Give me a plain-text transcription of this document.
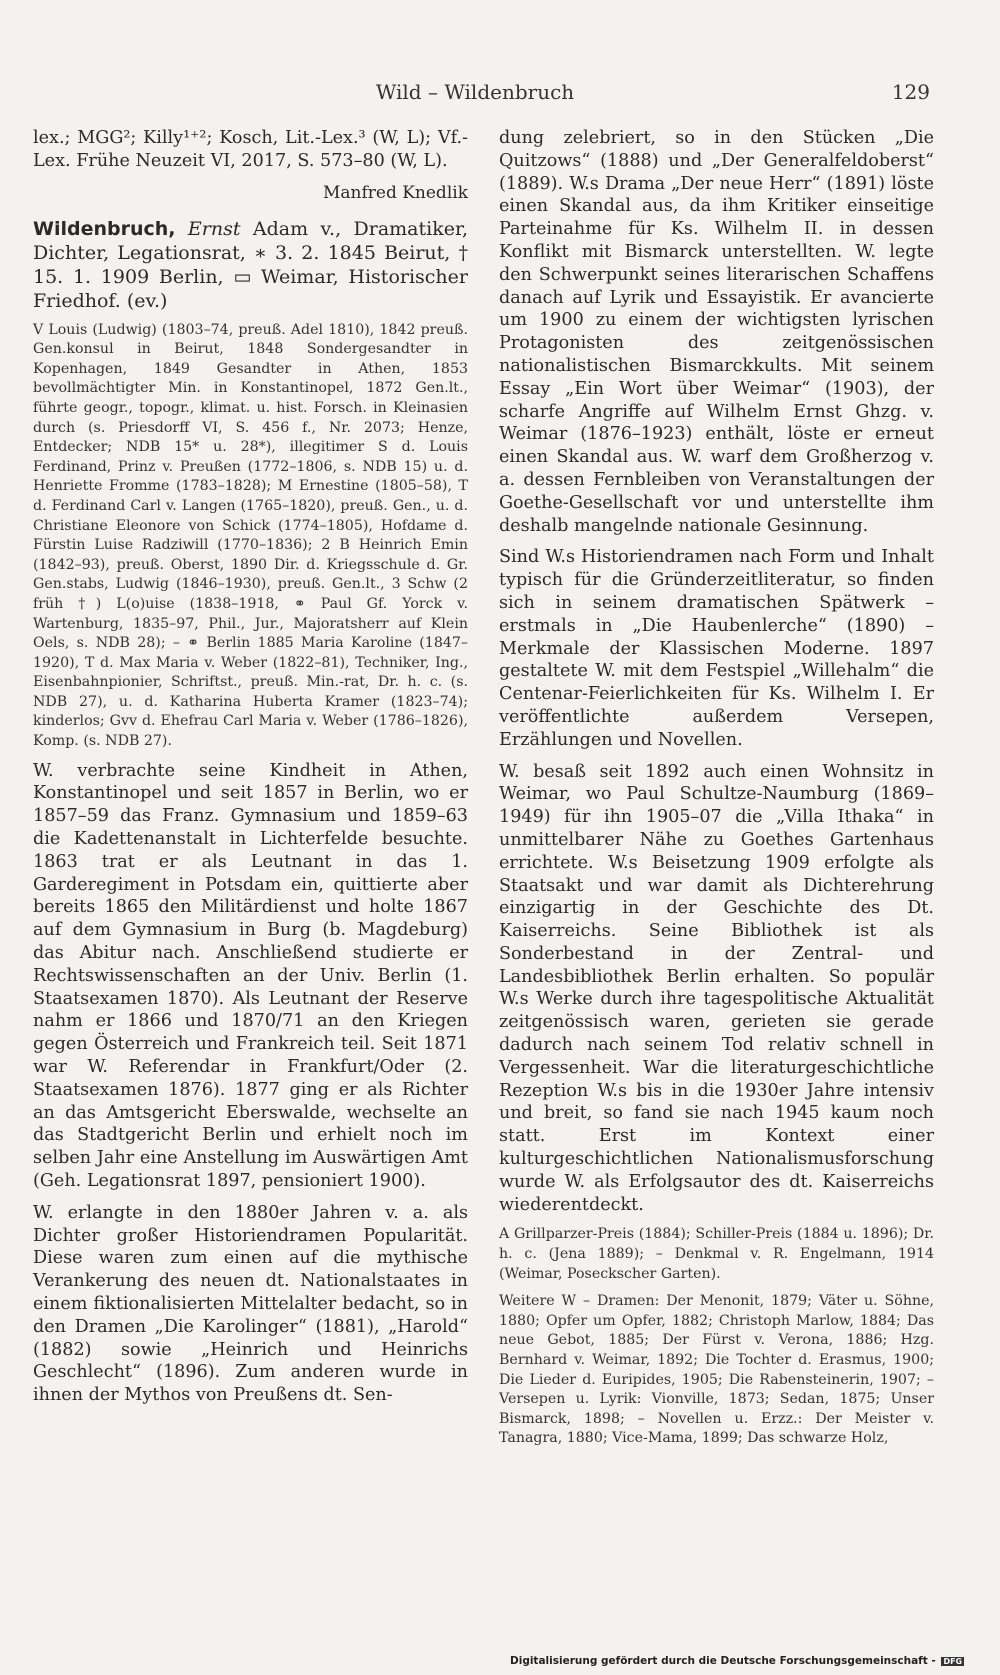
Wild – Wildenbruch	129

lex.; MGG²; Killy¹⁺²; Kosch, Lit.-Lex.³ (W, L); Vf.-Lex. Frühe Neuzeit VI, 2017, S. 573–80 (W, L).

Manfred Knedlik

Wildenbruch, Ernst Adam v., Dramatiker, Dichter, Legationsrat, ∗ 3. 2. 1845 Beirut, † 15. 1. 1909 Berlin, ▭ Weimar, Historischer Friedhof. (ev.)

V Louis (Ludwig) (1803–74, preuß. Adel 1810), 1842 preuß. Gen.konsul in Beirut, 1848 Sondergesandter in Kopenhagen, 1849 Gesandter in Athen, 1853 bevollmächtigter Min. in Konstantinopel, 1872 Gen.lt., führte geogr., topogr., klimat. u. hist. Forsch. in Kleinasien durch (s. Priesdorff VI, S. 456 f., Nr. 2073; Henze, Entdecker; NDB 15* u. 28*), illegitimer S d. Louis Ferdinand, Prinz v. Preußen (1772–1806, s. NDB 15) u. d. Henriette Fromme (1783–1828); M Ernestine (1805–58), T d. Ferdinand Carl v. Langen (1765–1820), preuß. Gen., u. d. Christiane Eleonore von Schick (1774–1805), Hofdame d. Fürstin Luise Radziwill (1770–1836); 2 B Heinrich Emin (1842–93), preuß. Oberst, 1890 Dir. d. Kriegsschule d. Gr. Gen.stabs, Ludwig (1846–1930), preuß. Gen.lt., 3 Schw (2 früh †) L(o)uise (1838–1918, ⚭ Paul Gf. Yorck v. Wartenburg, 1835–97, Phil., Jur., Majoratsherr auf Klein Oels, s. NDB 28); – ⚭ Berlin 1885 Maria Karoline (1847–1920), T d. Max Maria v. Weber (1822–81), Techniker, Ing., Eisenbahnpionier, Schriftst., preuß. Min.-rat, Dr. h. c. (s. NDB 27), u. d. Katharina Huberta Kramer (1823–74); kinderlos; Gvv d. Ehefrau Carl Maria v. Weber (1786–1826), Komp. (s. NDB 27).

W. verbrachte seine Kindheit in Athen, Konstantinopel und seit 1857 in Berlin, wo er 1857–59 das Franz. Gymnasium und 1859–63 die Kadettenanstalt in Lichterfelde besuchte. 1863 trat er als Leutnant in das 1. Garderegiment in Potsdam ein, quittierte aber bereits 1865 den Militärdienst und holte 1867 auf dem Gymnasium in Burg (b. Magdeburg) das Abitur nach. Anschließend studierte er Rechtswissenschaften an der Univ. Berlin (1. Staatsexamen 1870). Als Leutnant der Reserve nahm er 1866 und 1870/71 an den Kriegen gegen Österreich und Frankreich teil. Seit 1871 war W. Referendar in Frankfurt/Oder (2. Staatsexamen 1876). 1877 ging er als Richter an das Amtsgericht Eberswalde, wechselte an das Stadtgericht Berlin und erhielt noch im selben Jahr eine Anstellung im Auswärtigen Amt (Geh. Legationsrat 1897, pensioniert 1900).

W. erlangte in den 1880er Jahren v. a. als Dichter großer Historiendramen Popularität. Diese waren zum einen auf die mythische Verankerung des neuen dt. Nationalstaates in einem fiktionalisierten Mittelalter bedacht, so in den Dramen „Die Karolinger“ (1881), „Harold“ (1882) sowie „Heinrich und Heinrichs Geschlecht“ (1896). Zum anderen wurde in ihnen der Mythos von Preußens dt. Sen-

dung zelebriert, so in den Stücken „Die Quitzows“ (1888) und „Der Generalfeldoberst“ (1889). W.s Drama „Der neue Herr“ (1891) löste einen Skandal aus, da ihm Kritiker einseitige Parteinahme für Ks. Wilhelm II. in dessen Konflikt mit Bismarck unterstellten. W. legte den Schwerpunkt seines literarischen Schaffens danach auf Lyrik und Essayistik. Er avancierte um 1900 zu einem der wichtigsten lyrischen Protagonisten des zeitgenössischen nationalistischen Bismarckkults. Mit seinem Essay „Ein Wort über Weimar“ (1903), der scharfe Angriffe auf Wilhelm Ernst Ghzg. v. Weimar (1876–1923) enthält, löste er erneut einen Skandal aus. W. warf dem Großherzog v. a. dessen Fernbleiben von Veranstaltungen der Goethe-Gesellschaft vor und unterstellte ihm deshalb mangelnde nationale Gesinnung.

Sind W.s Historiendramen nach Form und Inhalt typisch für die Gründerzeitliteratur, so finden sich in seinem dramatischen Spätwerk – erstmals in „Die Haubenlerche“ (1890) – Merkmale der Klassischen Moderne. 1897 gestaltete W. mit dem Festspiel „Willehalm“ die Centenar-Feierlichkeiten für Ks. Wilhelm I. Er veröffentlichte außerdem Versepen, Erzählungen und Novellen.

W. besaß seit 1892 auch einen Wohnsitz in Weimar, wo Paul Schultze-Naumburg (1869–1949) für ihn 1905–07 die „Villa Ithaka“ in unmittelbarer Nähe zu Goethes Gartenhaus errichtete. W.s Beisetzung 1909 erfolgte als Staatsakt und war damit als Dichterehrung einzigartig in der Geschichte des Dt. Kaiserreichs. Seine Bibliothek ist als Sonderbestand in der Zentral- und Landesbibliothek Berlin erhalten. So populär W.s Werke durch ihre tagespolitische Aktualität zeitgenössisch waren, gerieten sie gerade dadurch nach seinem Tod relativ schnell in Vergessenheit. War die literaturgeschichtliche Rezeption W.s bis in die 1930er Jahre intensiv und breit, so fand sie nach 1945 kaum noch statt. Erst im Kontext einer kulturgeschichtlichen Nationalismusforschung wurde W. als Erfolgsautor des dt. Kaiserreichs wiederentdeckt.

A Grillparzer-Preis (1884); Schiller-Preis (1884 u. 1896); Dr. h. c. (Jena 1889); – Denkmal v. R. Engelmann, 1914 (Weimar, Poseckscher Garten).

Weitere W – Dramen: Der Menonit, 1879; Väter u. Söhne, 1880; Opfer um Opfer, 1882; Christoph Marlow, 1884; Das neue Gebot, 1885; Der Fürst v. Verona, 1886; Hzg. Bernhard v. Weimar, 1892; Die Tochter d. Erasmus, 1900; Die Lieder d. Euripides, 1905; Die Rabensteinerin, 1907; – Versepen u. Lyrik: Vionville, 1873; Sedan, 1875; Unser Bismarck, 1898; – Novellen u. Erzz.: Der Meister v. Tanagra, 1880; Vice-Mama, 1899; Das schwarze Holz,

Digitalisierung gefördert durch die Deutsche Forschungsgemeinschaft - DFG
